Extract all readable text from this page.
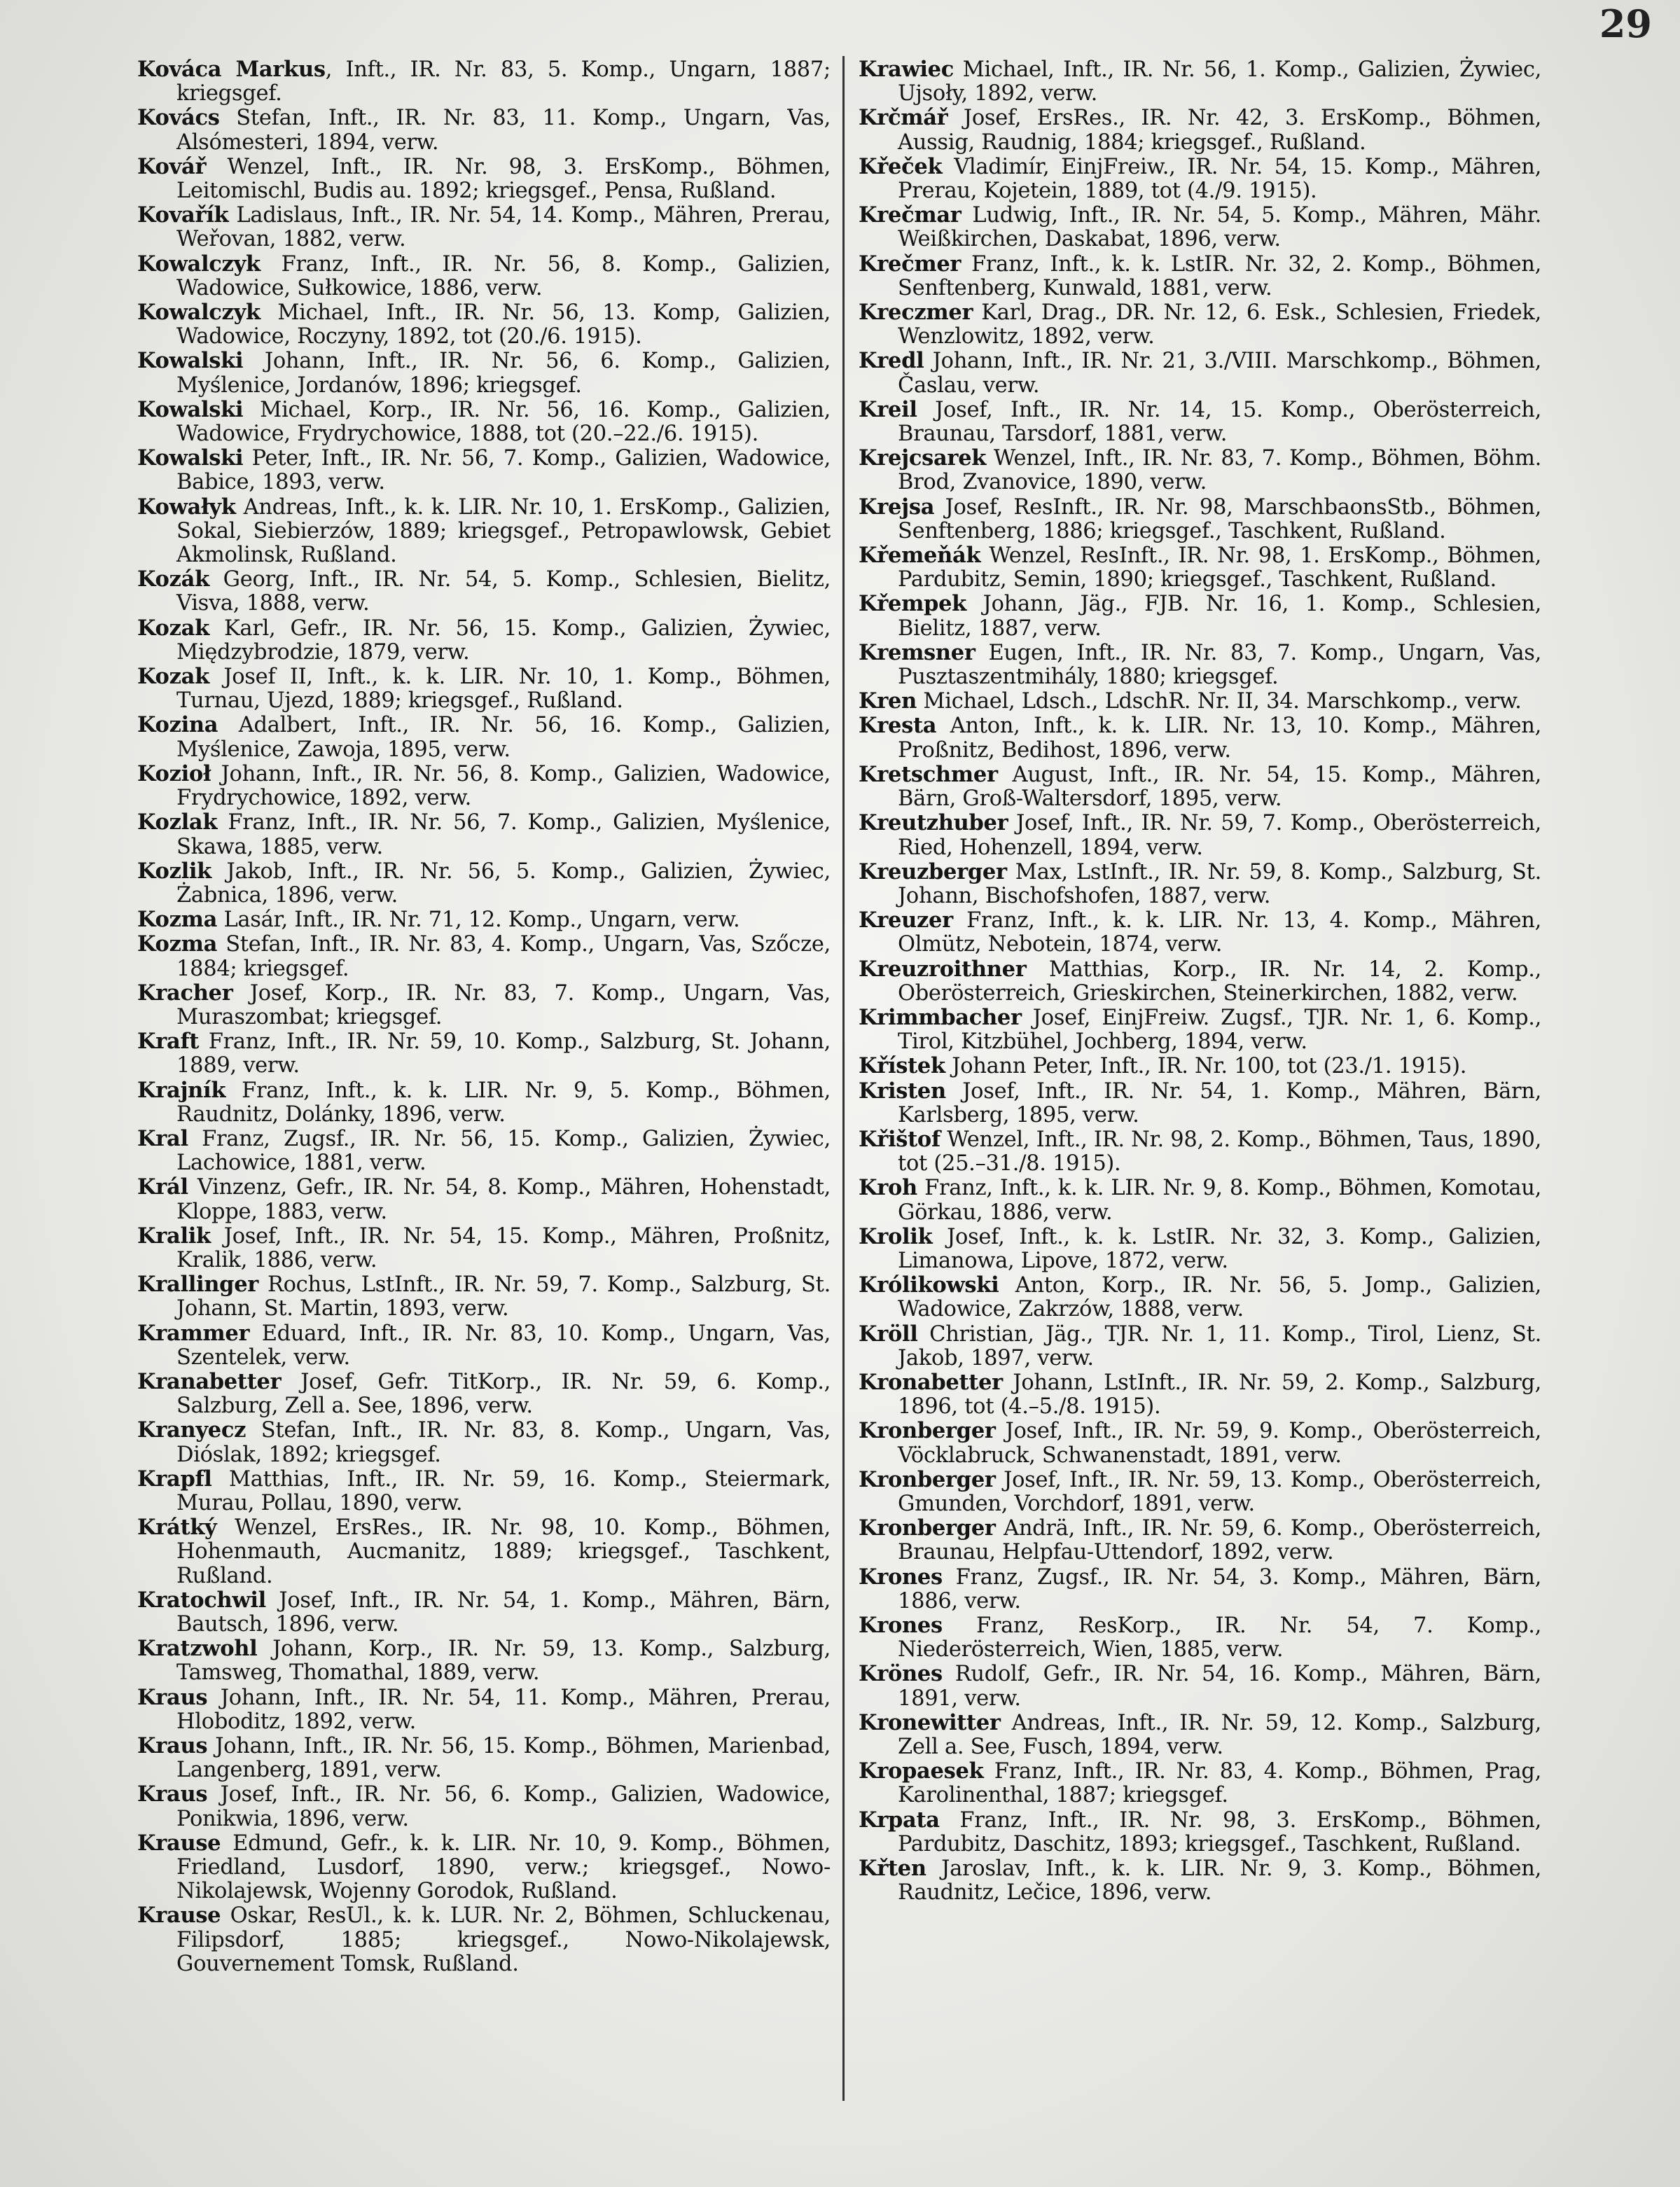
29

Kováca Markus, Inft., IR. Nr. 83, 5. Komp., Ungarn, 1887; kriegsgef.

Kovács Stefan, Inft., IR. Nr. 83, 11. Komp., Ungarn, Vas, Alsómesteri, 1894, verw.

Kovář Wenzel, Inft., IR. Nr. 98, 3. ErsKomp., Böhmen, Leitomischl, Budis au. 1892; kriegsgef., Pensa, Rußland.

Kovařík Ladislaus, Inft., IR. Nr. 54, 14. Komp., Mähren, Prerau, Weřovan, 1882, verw.

Kowalczyk Franz, Inft., IR. Nr. 56, 8. Komp., Galizien, Wadowice, Sułkowice, 1886, verw.

Kowalczyk Michael, Inft., IR. Nr. 56, 13. Komp, Galizien, Wadowice, Roczyny, 1892, tot (20./6. 1915).

Kowalski Johann, Inft., IR. Nr. 56, 6. Komp., Galizien, Myślenice, Jordanów, 1896; kriegsgef.

Kowalski Michael, Korp., IR. Nr. 56, 16. Komp., Galizien, Wadowice, Frydrychowice, 1888, tot (20.–22./6. 1915).

Kowalski Peter, Inft., IR. Nr. 56, 7. Komp., Galizien, Wadowice, Babice, 1893, verw.

Kowałyk Andreas, Inft., k. k. LIR. Nr. 10, 1. ErsKomp., Galizien, Sokal, Siebierzów, 1889; kriegsgef., Petropawlowsk, Gebiet Akmolinsk, Rußland.

Kozák Georg, Inft., IR. Nr. 54, 5. Komp., Schlesien, Bielitz, Visva, 1888, verw.

Kozak Karl, Gefr., IR. Nr. 56, 15. Komp., Galizien, Żywiec, Międzybrodzie, 1879, verw.

Kozak Josef II, Inft., k. k. LIR. Nr. 10, 1. Komp., Böhmen, Turnau, Ujezd, 1889; kriegsgef., Rußland.

Kozina Adalbert, Inft., IR. Nr. 56, 16. Komp., Galizien, Myślenice, Zawoja, 1895, verw.

Kozioł Johann, Inft., IR. Nr. 56, 8. Komp., Galizien, Wadowice, Frydrychowice, 1892, verw.

Kozlak Franz, Inft., IR. Nr. 56, 7. Komp., Galizien, Myślenice, Skawa, 1885, verw.

Kozlik Jakob, Inft., IR. Nr. 56, 5. Komp., Galizien, Żywiec, Żabnica, 1896, verw.

Kozma Lasár, Inft., IR. Nr. 71, 12. Komp., Ungarn, verw.

Kozma Stefan, Inft., IR. Nr. 83, 4. Komp., Ungarn, Vas, Szőcze, 1884; kriegsgef.

Kracher Josef, Korp., IR. Nr. 83, 7. Komp., Ungarn, Vas, Muraszombat; kriegsgef.

Kraft Franz, Inft., IR. Nr. 59, 10. Komp., Salzburg, St. Johann, 1889, verw.

Krajník Franz, Inft., k. k. LIR. Nr. 9, 5. Komp., Böhmen, Raudnitz, Dolánky, 1896, verw.

Kral Franz, Zugsf., IR. Nr. 56, 15. Komp., Galizien, Żywiec, Lachowice, 1881, verw.

Král Vinzenz, Gefr., IR. Nr. 54, 8. Komp., Mähren, Hohenstadt, Kloppe, 1883, verw.

Kralik Josef, Inft., IR. Nr. 54, 15. Komp., Mähren, Proßnitz, Kralik, 1886, verw.

Krallinger Rochus, LstInft., IR. Nr. 59, 7. Komp., Salzburg, St. Johann, St. Martin, 1893, verw.

Krammer Eduard, Inft., IR. Nr. 83, 10. Komp., Ungarn, Vas, Szentelek, verw.

Kranabetter Josef, Gefr. TitKorp., IR. Nr. 59, 6. Komp., Salzburg, Zell a. See, 1896, verw.

Kranyecz Stefan, Inft., IR. Nr. 83, 8. Komp., Ungarn, Vas, Dióslak, 1892; kriegsgef.

Krapfl Matthias, Inft., IR. Nr. 59, 16. Komp., Steiermark, Murau, Pollau, 1890, verw.

Krátký Wenzel, ErsRes., IR. Nr. 98, 10. Komp., Böhmen, Hohenmauth, Aucmanitz, 1889; kriegsgef., Taschkent, Rußland.

Kratochwil Josef, Inft., IR. Nr. 54, 1. Komp., Mähren, Bärn, Bautsch, 1896, verw.

Kratzwohl Johann, Korp., IR. Nr. 59, 13. Komp., Salzburg, Tamsweg, Thomathal, 1889, verw.

Kraus Johann, Inft., IR. Nr. 54, 11. Komp., Mähren, Prerau, Hloboditz, 1892, verw.

Kraus Johann, Inft., IR. Nr. 56, 15. Komp., Böhmen, Marienbad, Langenberg, 1891, verw.

Kraus Josef, Inft., IR. Nr. 56, 6. Komp., Galizien, Wadowice, Ponikwia, 1896, verw.

Krause Edmund, Gefr., k. k. LIR. Nr. 10, 9. Komp., Böhmen, Friedland, Lusdorf, 1890, verw.; kriegsgef., Nowo-Nikolajewsk, Wojenny Gorodok, Rußland.

Krause Oskar, ResUl., k. k. LUR. Nr. 2, Böhmen, Schluckenau, Filipsdorf, 1885; kriegsgef., Nowo-Nikolajewsk, Gouvernement Tomsk, Rußland.

Krawiec Michael, Inft., IR. Nr. 56, 1. Komp., Galizien, Żywiec, Ujsoły, 1892, verw.

Krčmář Josef, ErsRes., IR. Nr. 42, 3. ErsKomp., Böhmen, Aussig, Raudnig, 1884; kriegsgef., Rußland.

Křeček Vladimír, EinjFreiw., IR. Nr. 54, 15. Komp., Mähren, Prerau, Kojetein, 1889, tot (4./9. 1915).

Krečmar Ludwig, Inft., IR. Nr. 54, 5. Komp., Mähren, Mähr. Weißkirchen, Daskabat, 1896, verw.

Krečmer Franz, Inft., k. k. LstIR. Nr. 32, 2. Komp., Böhmen, Senftenberg, Kunwald, 1881, verw.

Kreczmer Karl, Drag., DR. Nr. 12, 6. Esk., Schlesien, Friedek, Wenzlowitz, 1892, verw.

Kredl Johann, Inft., IR. Nr. 21, 3./VIII. Marschkomp., Böhmen, Časlau, verw.

Kreil Josef, Inft., IR. Nr. 14, 15. Komp., Oberösterreich, Braunau, Tarsdorf, 1881, verw.

Krejcsarek Wenzel, Inft., IR. Nr. 83, 7. Komp., Böhmen, Böhm. Brod, Zvanovice, 1890, verw.

Krejsa Josef, ResInft., IR. Nr. 98, MarschbaonsStb., Böhmen, Senftenberg, 1886; kriegsgef., Taschkent, Rußland.

Křemeňák Wenzel, ResInft., IR. Nr. 98, 1. ErsKomp., Böhmen, Pardubitz, Semin, 1890; kriegsgef., Taschkent, Rußland.

Křempek Johann, Jäg., FJB. Nr. 16, 1. Komp., Schlesien, Bielitz, 1887, verw.

Kremsner Eugen, Inft., IR. Nr. 83, 7. Komp., Ungarn, Vas, Pusztaszentmihály, 1880; kriegsgef.

Kren Michael, Ldsch., LdschR. Nr. II, 34. Marschkomp., verw.

Kresta Anton, Inft., k. k. LIR. Nr. 13, 10. Komp., Mähren, Proßnitz, Bedihost, 1896, verw.

Kretschmer August, Inft., IR. Nr. 54, 15. Komp., Mähren, Bärn, Groß-Waltersdorf, 1895, verw.

Kreutzhuber Josef, Inft., IR. Nr. 59, 7. Komp., Oberösterreich, Ried, Hohenzell, 1894, verw.

Kreuzberger Max, LstInft., IR. Nr. 59, 8. Komp., Salzburg, St. Johann, Bischofshofen, 1887, verw.

Kreuzer Franz, Inft., k. k. LIR. Nr. 13, 4. Komp., Mähren, Olmütz, Nebotein, 1874, verw.

Kreuzroithner Matthias, Korp., IR. Nr. 14, 2. Komp., Oberösterreich, Grieskirchen, Steinerkirchen, 1882, verw.

Krimmbacher Josef, EinjFreiw. Zugsf., TJR. Nr. 1, 6. Komp., Tirol, Kitzbühel, Jochberg, 1894, verw.

Křístek Johann Peter, Inft., IR. Nr. 100, tot (23./1. 1915).

Kristen Josef, Inft., IR. Nr. 54, 1. Komp., Mähren, Bärn, Karlsberg, 1895, verw.

Křištof Wenzel, Inft., IR. Nr. 98, 2. Komp., Böhmen, Taus, 1890, tot (25.–31./8. 1915).

Kroh Franz, Inft., k. k. LIR. Nr. 9, 8. Komp., Böhmen, Komotau, Görkau, 1886, verw.

Krolik Josef, Inft., k. k. LstIR. Nr. 32, 3. Komp., Galizien, Limanowa, Lipove, 1872, verw.

Królikowski Anton, Korp., IR. Nr. 56, 5. Jomp., Galizien, Wadowice, Zakrzów, 1888, verw.

Kröll Christian, Jäg., TJR. Nr. 1, 11. Komp., Tirol, Lienz, St. Jakob, 1897, verw.

Kronabetter Johann, LstInft., IR. Nr. 59, 2. Komp., Salzburg, 1896, tot (4.–5./8. 1915).

Kronberger Josef, Inft., IR. Nr. 59, 9. Komp., Oberösterreich, Vöcklabruck, Schwanenstadt, 1891, verw.

Kronberger Josef, Inft., IR. Nr. 59, 13. Komp., Oberösterreich, Gmunden, Vorchdorf, 1891, verw.

Kronberger Andrä, Inft., IR. Nr. 59, 6. Komp., Oberösterreich, Braunau, Helpfau-Uttendorf, 1892, verw.

Krones Franz, Zugsf., IR. Nr. 54, 3. Komp., Mähren, Bärn, 1886, verw.

Krones Franz, ResKorp., IR. Nr. 54, 7. Komp., Niederösterreich, Wien, 1885, verw.

Krönes Rudolf, Gefr., IR. Nr. 54, 16. Komp., Mähren, Bärn, 1891, verw.

Kronewitter Andreas, Inft., IR. Nr. 59, 12. Komp., Salzburg, Zell a. See, Fusch, 1894, verw.

Kropaesek Franz, Inft., IR. Nr. 83, 4. Komp., Böhmen, Prag, Karolinenthal, 1887; kriegsgef.

Krpata Franz, Inft., IR. Nr. 98, 3. ErsKomp., Böhmen, Pardubitz, Daschitz, 1893; kriegsgef., Taschkent, Rußland.

Křten Jaroslav, Inft., k. k. LIR. Nr. 9, 3. Komp., Böhmen, Raudnitz, Lečice, 1896, verw.
